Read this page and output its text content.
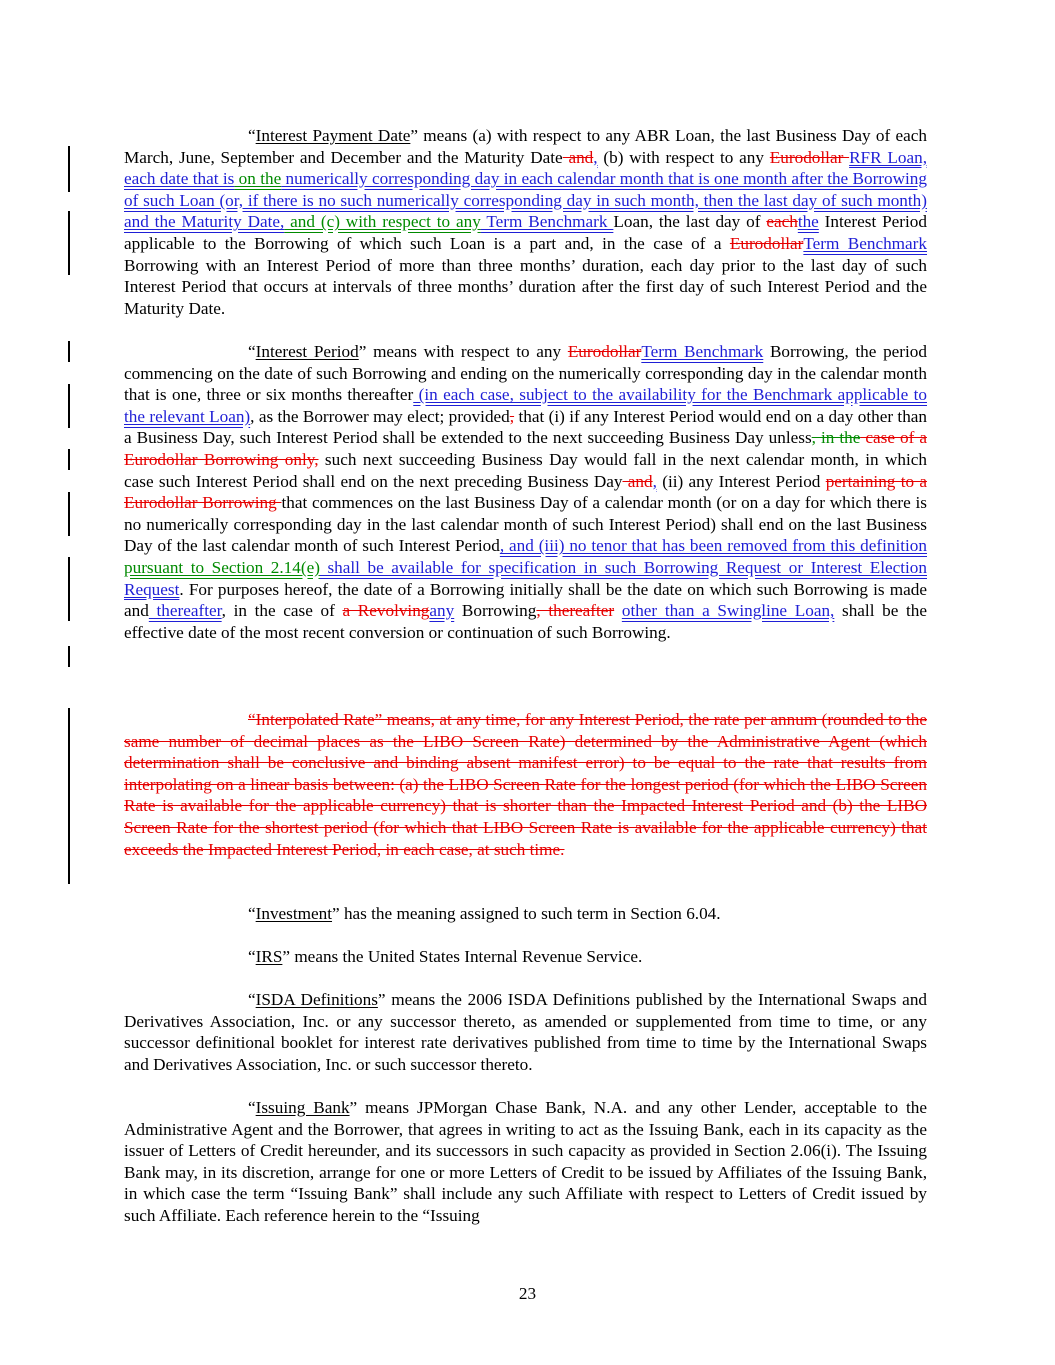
“Interest Payment Date” means (a) with respect to any ABR Loan, the last Business Day of each March, June, September and December and the Maturity Date and, (b) with respect to any Eurodollar RFR Loan, each date that is on the numerically corresponding day in each calendar month that is one month after the Borrowing of such Loan (or, if there is no such numerically corresponding day in such month, then the last day of such month) and the Maturity Date, and (c) with respect to any Term Benchmark Loan, the last day of eachthe Interest Period applicable to the Borrowing of which such Loan is a part and, in the case of a EurodollarTerm Benchmark Borrowing with an Interest Period of more than three months’ duration, each day prior to the last day of such Interest Period that occurs at intervals of three months’ duration after the first day of such Interest Period and the Maturity Date.

“Interest Period” means with respect to any EurodollarTerm Benchmark Borrowing, the period commencing on the date of such Borrowing and ending on the numerically corresponding day in the calendar month that is one, three or six months thereafter (in each case, subject to the availability for the Benchmark applicable to the relevant Loan), as the Borrower may elect; provided, that (i) if any Interest Period would end on a day other than a Business Day, such Interest Period shall be extended to the next succeeding Business Day unless, in the case of a Eurodollar Borrowing only, such next succeeding Business Day would fall in the next calendar month, in which case such Interest Period shall end on the next preceding Business Day and, (ii) any Interest Period pertaining to a Eurodollar Borrowing that commences on the last Business Day of a calendar month (or on a day for which there is no numerically corresponding day in the last calendar month of such Interest Period) shall end on the last Business Day of the last calendar month of such Interest Period, and (iii) no tenor that has been removed from this definition pursuant to Section 2.14(e) shall be available for specification in such Borrowing Request or Interest Election Request. For purposes hereof, the date of a Borrowing initially shall be the date on which such Borrowing is made and thereafter, in the case of a Revolvingany Borrowing, thereafter other than a Swingline Loan, shall be the effective date of the most recent conversion or continuation of such Borrowing.

“Interpolated Rate” means, at any time, for any Interest Period, the rate per annum (rounded to the same number of decimal places as the LIBO Screen Rate) determined by the Administrative Agent (which determination shall be conclusive and binding absent manifest error) to be equal to the rate that results from interpolating on a linear basis between: (a) the LIBO Screen Rate for the longest period (for which the LIBO Screen Rate is available for the applicable currency) that is shorter than the Impacted Interest Period and (b) the LIBO Screen Rate for the shortest period (for which that LIBO Screen Rate is available for the applicable currency) that exceeds the Impacted Interest Period, in each case, at such time.

“Investment” has the meaning assigned to such term in Section 6.04.

“IRS” means the United States Internal Revenue Service.

“ISDA Definitions” means the 2006 ISDA Definitions published by the International Swaps and Derivatives Association, Inc. or any successor thereto, as amended or supplemented from time to time, or any successor definitional booklet for interest rate derivatives published from time to time by the International Swaps and Derivatives Association, Inc. or such successor thereto.

“Issuing Bank” means JPMorgan Chase Bank, N.A. and any other Lender, acceptable to the Administrative Agent and the Borrower, that agrees in writing to act as the Issuing Bank, each in its capacity as the issuer of Letters of Credit hereunder, and its successors in such capacity as provided in Section 2.06(i). The Issuing Bank may, in its discretion, arrange for one or more Letters of Credit to be issued by Affiliates of the Issuing Bank, in which case the term “Issuing Bank” shall include any such Affiliate with respect to Letters of Credit issued by such Affiliate. Each reference herein to the “Issuing

23
